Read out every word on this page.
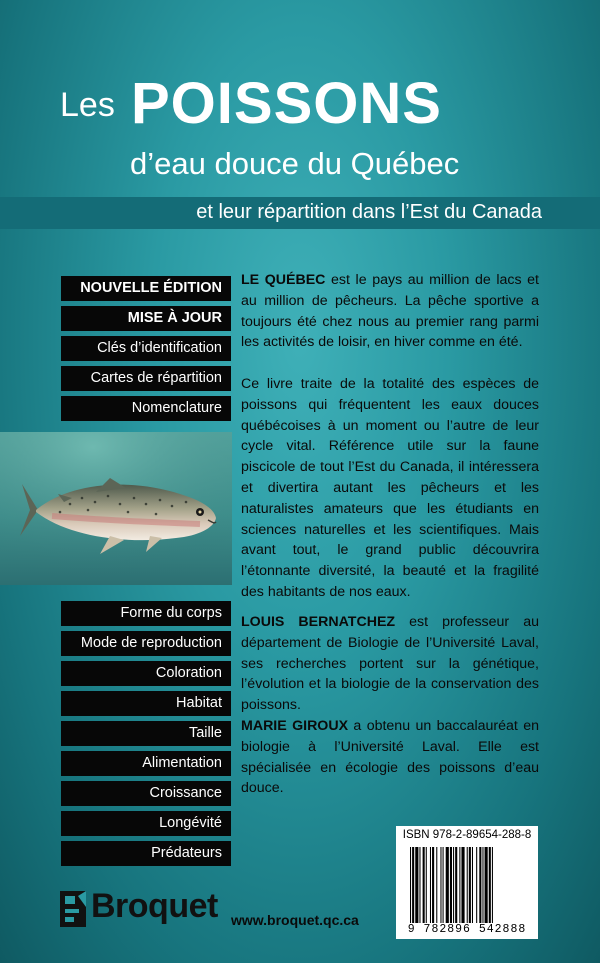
Les POISSONS
d’eau douce du Québec
et leur répartition dans l’Est du Canada
NOUVELLE ÉDITION
MISE À JOUR
Clés d’identification
Cartes de répartition
Nomenclature
Forme du corps
Mode de reproduction
Coloration
Habitat
Taille
Alimentation
Croissance
Longévité
Prédateurs
LE QUÉBEC est le pays au million de lacs et au million de pêcheurs. La pêche sportive a toujours été chez nous au premier rang parmi les activités de loisir, en hiver comme en été.
Ce livre traite de la totalité des espèces de poissons qui fréquentent les eaux douces québécoises à un moment ou l’autre de leur cycle vital. Référence utile sur la faune piscicole de tout l’Est du Canada, il intéressera et divertira autant les pêcheurs et les naturalistes amateurs que les étudiants en sciences naturelles et les scientifiques. Mais avant tout, le grand public découvrira l’étonnante diversité, la beauté et la fragilité des habitants de nos eaux.
LOUIS BERNATCHEZ est professeur au département de Biologie de l’Université Laval, ses recherches portent sur la génétique, l’évolution et la biologie de la conservation des poissons.
MARIE GIROUX a obtenu un baccalauréat en biologie à l’Université Laval. Elle est spécialisée en écologie des poissons d’eau douce.
ISBN 978-2-89654-288-8
9 782896 542888
Broquet www.broquet.qc.ca
